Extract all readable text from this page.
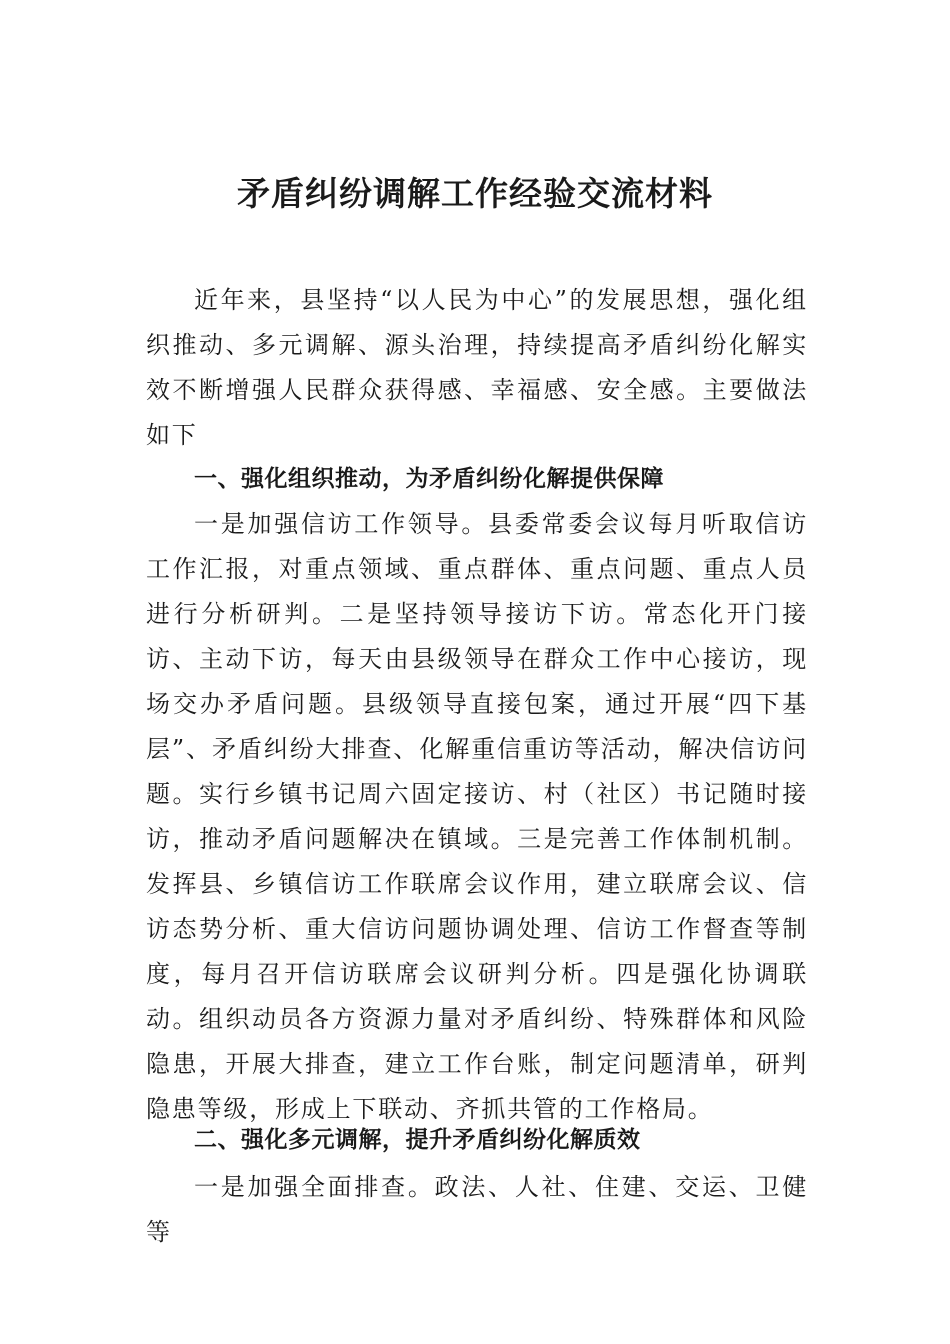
矛盾纠纷调解工作经验交流材料

近年来，县坚持“以人民为中心”的发展思想，强化组织推动、多元调解、源头治理，持续提高矛盾纠纷化解实效不断增强人民群众获得感、幸福感、安全感。主要做法如下

一、强化组织推动，为矛盾纠纷化解提供保障

一是加强信访工作领导。县委常委会议每月听取信访工作汇报，对重点领域、重点群体、重点问题、重点人员进行分析研判。二是坚持领导接访下访。常态化开门接访、主动下访，每天由县级领导在群众工作中心接访，现场交办矛盾问题。县级领导直接包案，通过开展“四下基层”、矛盾纠纷大排查、化解重信重访等活动，解决信访问题。实行乡镇书记周六固定接访、村（社区）书记随时接访，推动矛盾问题解决在镇域。三是完善工作体制机制。发挥县、乡镇信访工作联席会议作用，建立联席会议、信访态势分析、重大信访问题协调处理、信访工作督查等制度，每月召开信访联席会议研判分析。四是强化协调联动。组织动员各方资源力量对矛盾纠纷、特殊群体和风险隐患，开展大排查，建立工作台账，制定问题清单，研判隐患等级，形成上下联动、齐抓共管的工作格局。

二、强化多元调解，提升矛盾纠纷化解质效

一是加强全面排查。政法、人社、住建、交运、卫健等
